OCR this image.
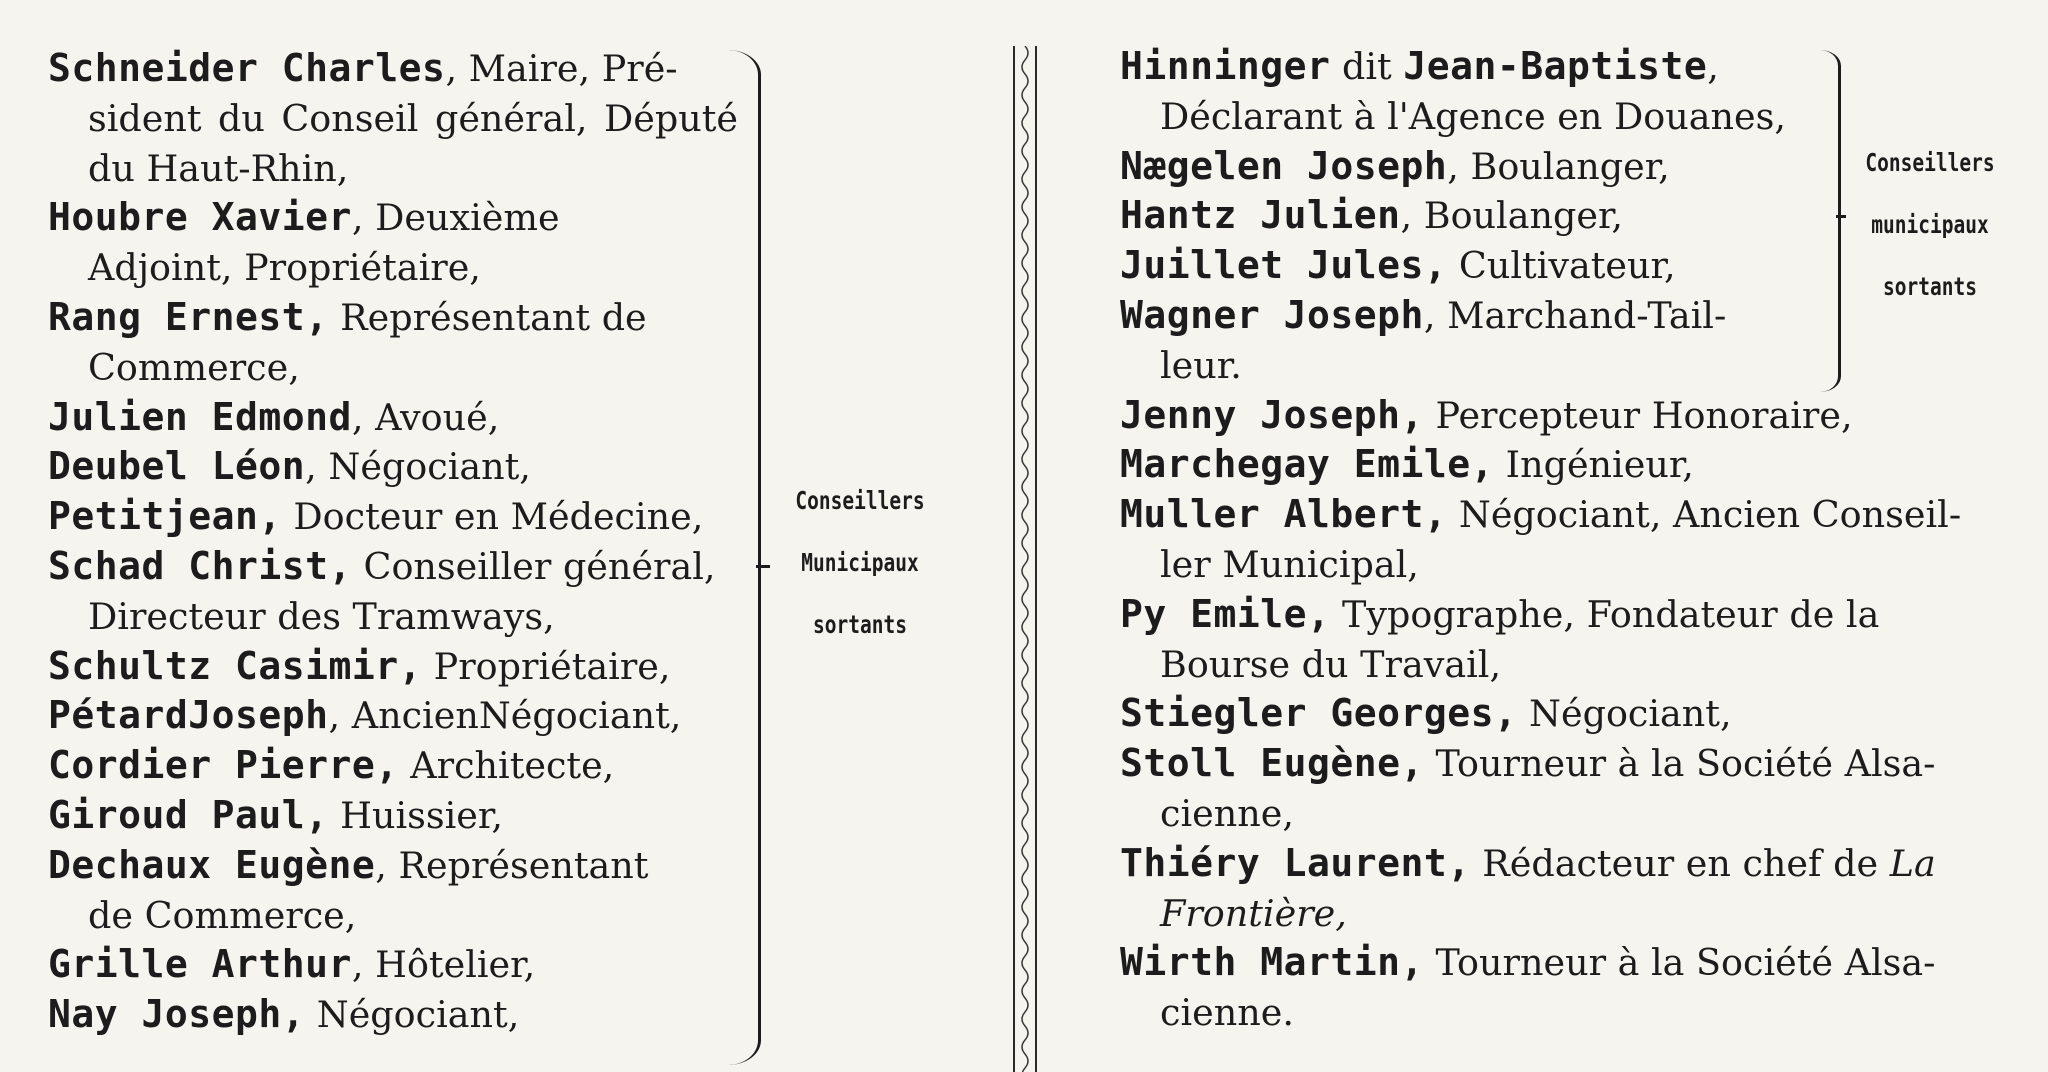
Schneider Charles, Maire, Pré-
sident du Conseil général, Député
du Haut-Rhin,
Houbre Xavier, Deuxième
Adjoint, Propriétaire,
Rang Ernest, Représentant de
Commerce,
Julien Edmond, Avoué,
Deubel Léon, Négociant,
Petitjean, Docteur en Médecine,
Schad Christ, Conseiller général,
Directeur des Tramways,
Schultz Casimir, Propriétaire,
PétardJoseph, AncienNégociant,
Cordier Pierre, Architecte,
Giroud Paul, Huissier,
Dechaux Eugène, Représentant
de Commerce,
Grille Arthur, Hôtelier,
Nay Joseph, Négociant,
Conseillers
Municipaux
sortants
Hinninger dit Jean-Baptiste,
Déclarant à l'Agence en Douanes,
Nægelen Joseph, Boulanger,
Hantz Julien, Boulanger,
Juillet Jules, Cultivateur,
Wagner Joseph, Marchand-Tail-
leur.
Jenny Joseph, Percepteur Honoraire,
Marchegay Emile, Ingénieur,
Muller Albert, Négociant, Ancien Conseil-
ler Municipal,
Py Emile, Typographe, Fondateur de la
Bourse du Travail,
Stiegler Georges, Négociant,
Stoll Eugène, Tourneur à la Société Alsa-
cienne,
Thiéry Laurent, Rédacteur en chef de La
Frontière,
Wirth Martin, Tourneur à la Société Alsa-
cienne.
Conseillers
municipaux
sortants
